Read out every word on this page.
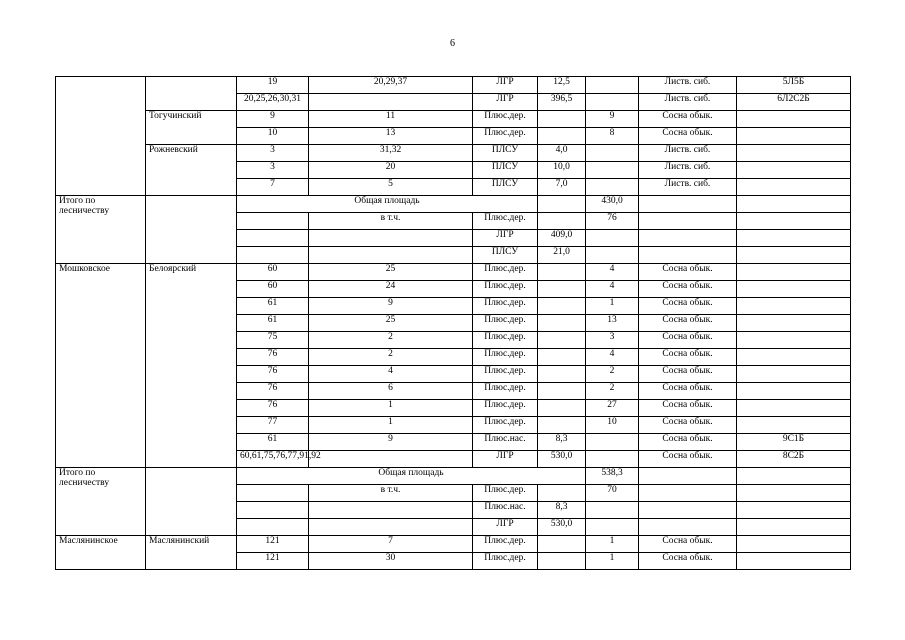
6
		19	20,29,37	ЛГР	12,5		Листв. сиб.	5Л5Б	
		20,25,26,30,31		ЛГР	396,5		Листв. сиб.	6Л2С2Б	
	Тогучинский	9	11	Плюс.дер.		9	Сосна обык.		
		10	13	Плюс.дер.		8	Сосна обык.		
	Рожневский	3	31,32	ПЛСУ	4,0		Листв. сиб.		
		3	20	ПЛСУ	10,0		Листв. сиб.		
		7	5	ПЛСУ	7,0		Листв. сиб.		
Итого по лесничеству		Общая площадь				430,0			
			в т.ч.	Плюс.дер.		76			
				ЛГР	409,0				
				ПЛСУ	21,0				
Мошковское	Белоярский	60	25	Плюс.дер.		4	Сосна обык.		
		60	24	Плюс.дер.		4	Сосна обык.		
		61	9	Плюс.дер.		1	Сосна обык.		
		61	25	Плюс.дер.		13	Сосна обык.		
		75	2	Плюс.дер.		3	Сосна обык.		
		76	2	Плюс.дер.		4	Сосна обык.		
		76	4	Плюс.дер.		2	Сосна обык.		
		76	6	Плюс.дер.		2	Сосна обык.		
		76	1	Плюс.дер.		27	Сосна обык.		
		77	1	Плюс.дер.		10	Сосна обык.		
		61	9	Плюс.нас.	8,3		Сосна обык.	9С1Б	
		60,61,75,76,77,91,92		ЛГР	530,0		Сосна обык.	8С2Б	
Итого по лесничеству		Общая площадь				538,3			
			в т.ч.	Плюс.дер.		70			
				Плюс.нас.	8,3				
				ЛГР	530,0				
Маслянинское	Маслянинский	121	7	Плюс.дер.		1	Сосна обык.		
		121	30	Плюс.дер.		1	Сосна обык.		
